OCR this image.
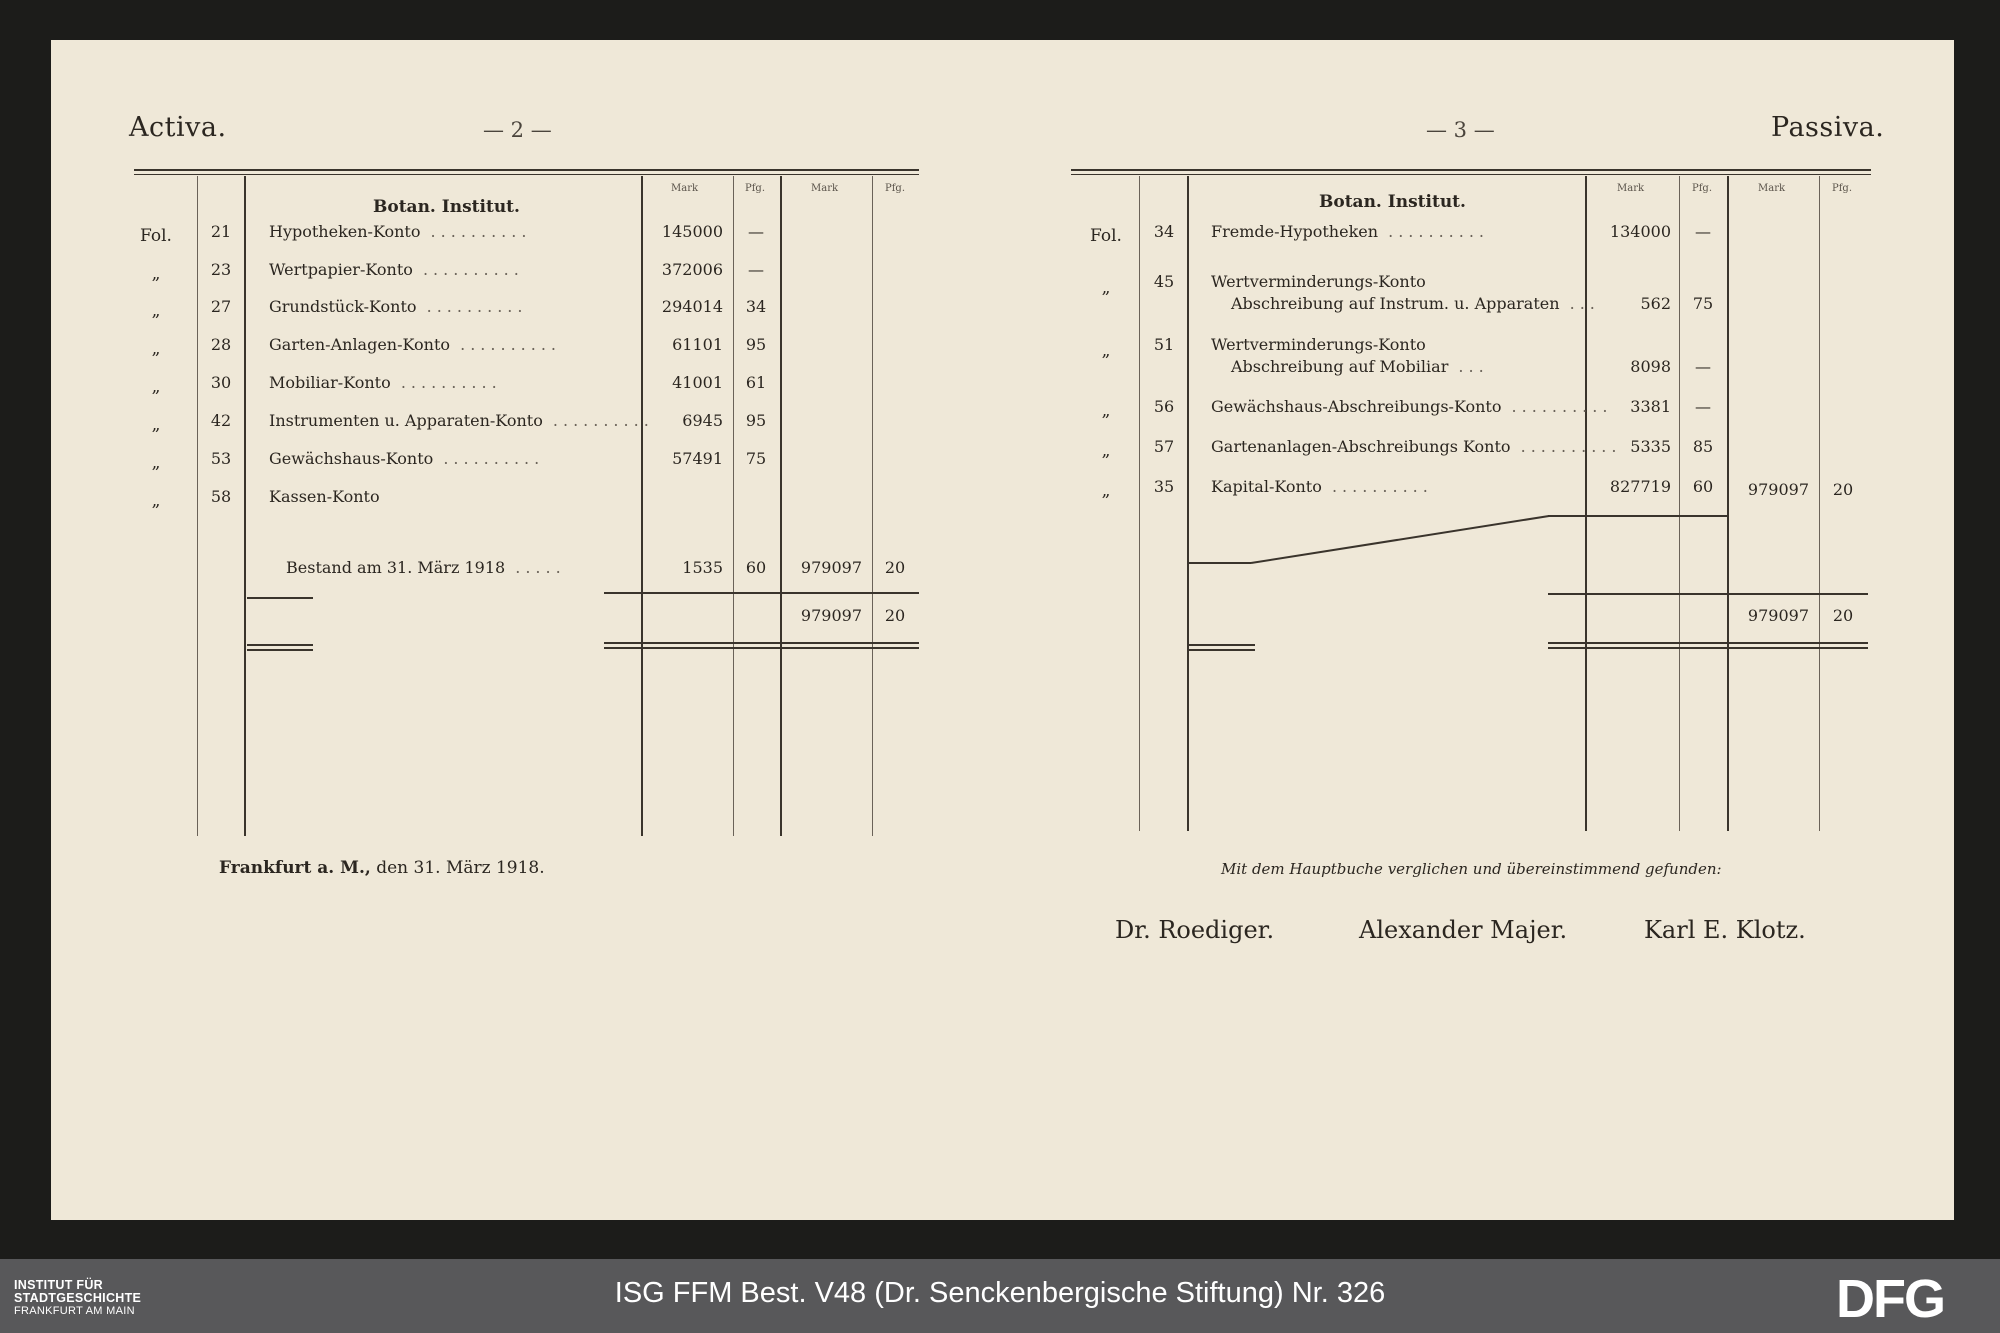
Activa.	— 2 —
Botan. Institut.
Mark	Pfg.	Mark	Pfg.
Fol.	21	Hypotheken-Konto ..........	145000	—
„	23	Wertpapier-Konto ..........	372006	—
„	27	Grundstück-Konto ..........	294014	34
„	28	Garten-Anlagen-Konto ..........	61101	95
„	30	Mobiliar-Konto ..........	41001	61
„	42	Instrumenten u. Apparaten-Konto ..........	6945	95
„	53	Gewächshaus-Konto ..........	57491	75
„	58	Kassen-Konto
Bestand am 31. März 1918 .....	1535	60	979097	20
979097	20
Frankfurt a. M., den 31. März 1918.
— 3 —	Passiva.
Botan. Institut.
Mark	Pfg.	Mark	Pfg.
Fol.	34	Fremde-Hypotheken ..........	134000	—
„	45	Wertverminderungs-Konto
Abschreibung auf Instrum. u. Apparaten ...	562	75
„	51	Wertverminderungs-Konto
Abschreibung auf Mobiliar ...	8098	—
„	56	Gewächshaus-Abschreibungs-Konto ..........	3381	—
„	57	Gartenanlagen-Abschreibungs Konto .......... 5335	85
„	35	Kapital-Konto ..........	827719	60	979097	20
979097	20
Mit dem Hauptbuche verglichen und übereinstimmend gefunden:
Dr. Roediger.	Alexander Majer.	Karl E. Klotz.
INSTITUT FÜR
STADTGESCHICHTE
FRANKFURT AM MAIN
ISG FFM Best. V48 (Dr. Senckenbergische Stiftung) Nr. 326	DFG
